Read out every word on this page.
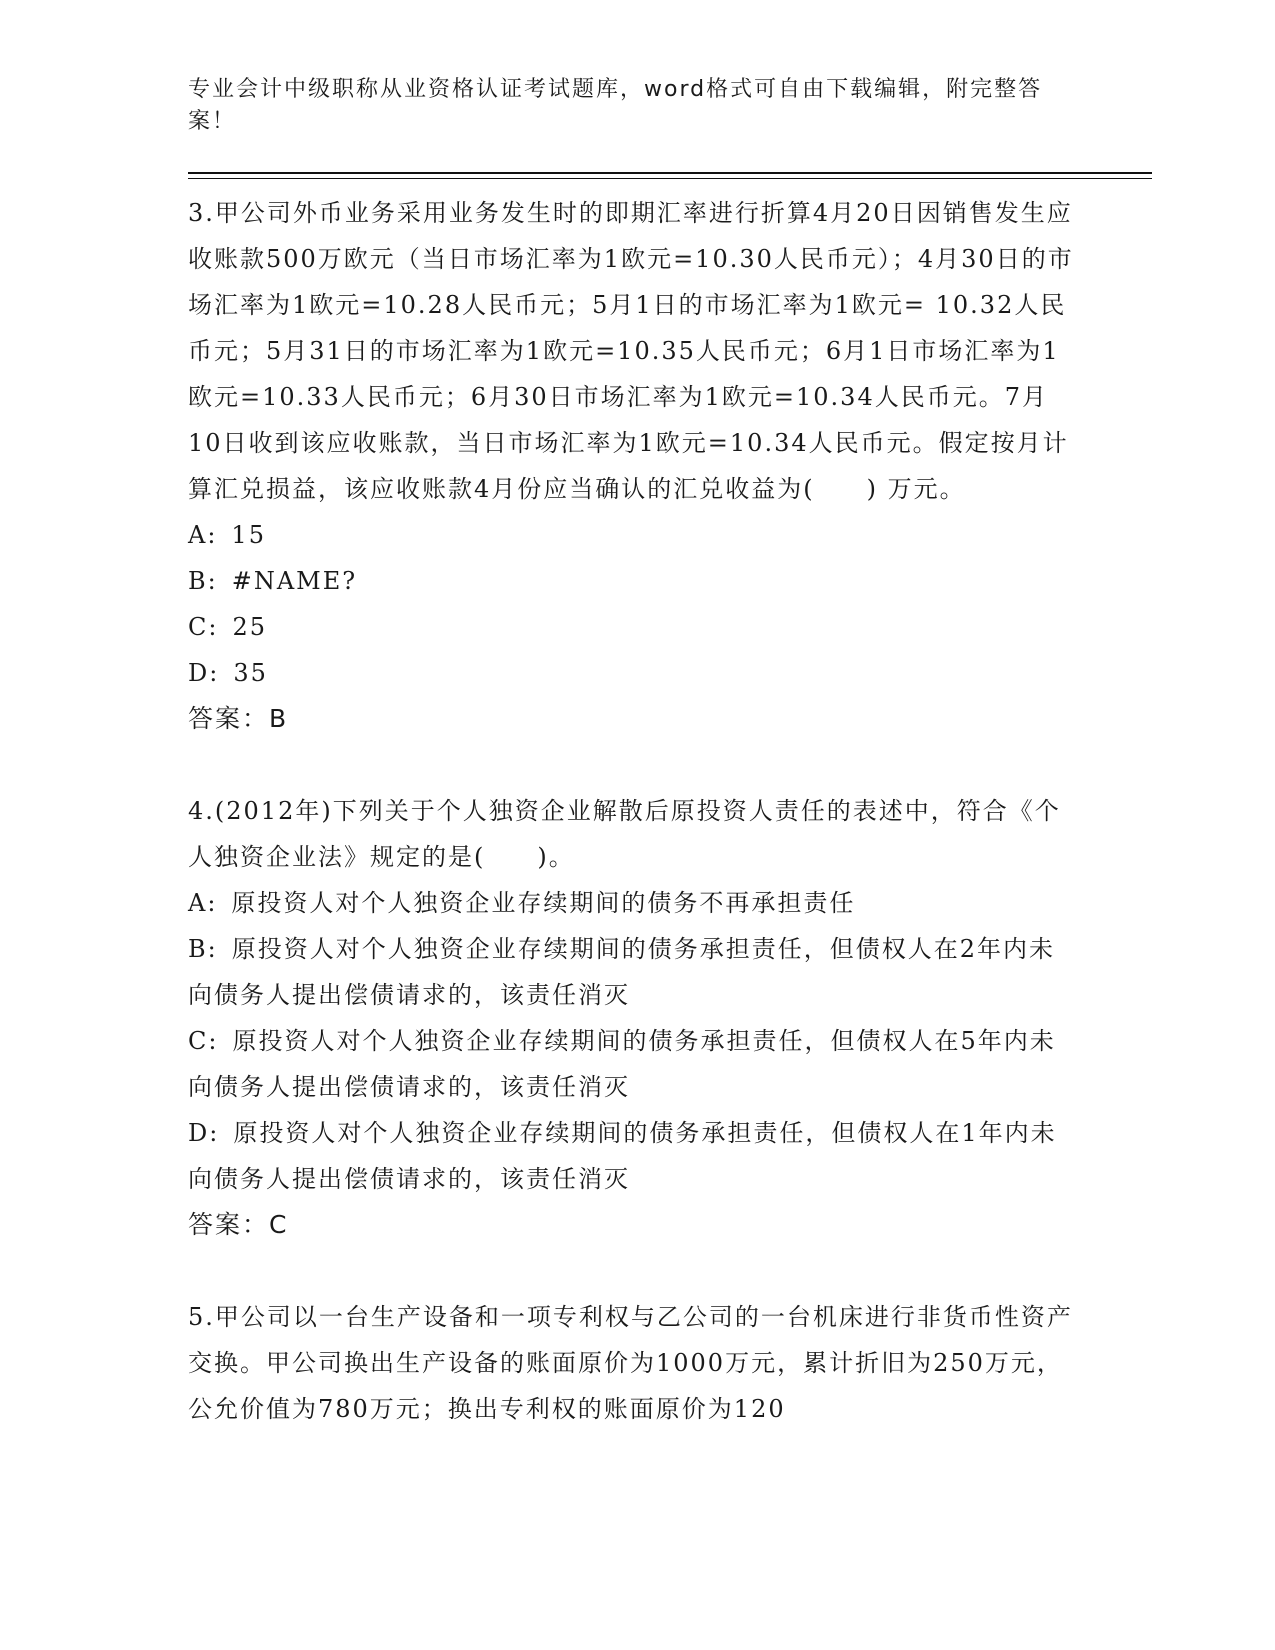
专业会计中级职称从业资格认证考试题库，word格式可自由下载编辑，附完整答案！

3.甲公司外币业务采用业务发生时的即期汇率进行折算4月20日因销售发生应收账款500万欧元（当日市场汇率为1欧元=10.30人民币元）；4月30日的市场汇率为1欧元=10.28人民币元；5月1日的市场汇率为1欧元= 10.32人民币元；5月31日的市场汇率为1欧元=10.35人民币元；6月1日市场汇率为1欧元=10.33人民币元；6月30日市场汇率为1欧元=10.34人民币元。7月10日收到该应收账款，当日市场汇率为1欧元=10.34人民币元。假定按月计算汇兑损益，该应收账款4月份应当确认的汇兑收益为(　　) 万元。

A: 15

B: #NAME?

C: 25

D: 35

答案：B

4.(2012年)下列关于个人独资企业解散后原投资人责任的表述中，符合《个人独资企业法》规定的是(　　)。

A: 原投资人对个人独资企业存续期间的债务不再承担责任

B: 原投资人对个人独资企业存续期间的债务承担责任，但债权人在2年内未向债务人提出偿债请求的，该责任消灭

C: 原投资人对个人独资企业存续期间的债务承担责任，但债权人在5年内未向债务人提出偿债请求的，该责任消灭

D: 原投资人对个人独资企业存续期间的债务承担责任，但债权人在1年内未向债务人提出偿债请求的，该责任消灭

答案：C

5.甲公司以一台生产设备和一项专利权与乙公司的一台机床进行非货币性资产交换。甲公司换出生产设备的账面原价为1000万元，累计折旧为250万元，公允价值为780万元；换出专利权的账面原价为120
